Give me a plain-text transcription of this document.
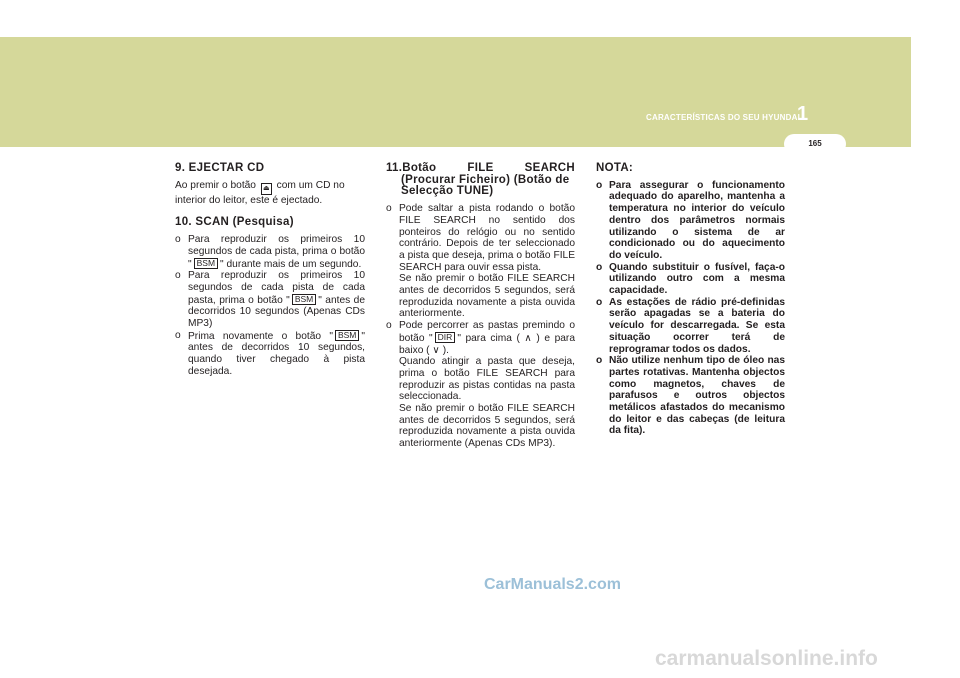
CARACTERÍSTICAS DO SEU HYUNDAI
1
165
9. EJECTAR CD

Ao premir o botão ⏏ com um CD no interior do leitor, este é ejectado.

10. SCAN (Pesquisa)
o Para reproduzir os primeiros 10 segundos de cada pista, prima o botão " BSM " durante mais de um segundo.
o Para reproduzir os primeiros 10 segundos de cada pista de cada pasta, prima o botão " BSM " antes de decorridos 10 segundos (Apenas CDs MP3)
o Prima novamente o botão " BSM " antes de decorridos 10 segundos, quando tiver chegado à pista desejada.
11.Botão	FILE	SEARCH
(Procurar Ficheiro) (Botão de
Selecção TUNE)
o Pode saltar a pista rodando o botão FILE SEARCH no sentido dos ponteiros do relógio ou no sentido contrário. Depois de ter seleccionado a pista que deseja, prima o botão FILE SEARCH para ouvir essa pista.
Se não premir o botão FILE SEARCH antes de decorridos 5 segundos, será reproduzida novamente a pista ouvida anteriormente.
o Pode percorrer as pastas premindo o botão " DIR " para cima ( ∧ ) e para baixo ( ∨ ).
Quando atingir a pasta que deseja, prima o botão FILE SEARCH para reproduzir as pistas contidas na pasta seleccionada.
Se não premir o botão FILE SEARCH antes de decorridos 5 segundos, será reproduzida novamente a pista ouvida anteriormente (Apenas CDs MP3).
NOTA:
o Para assegurar o funcionamento adequado do aparelho, mantenha a temperatura no interior do veículo dentro dos parâmetros normais utilizando o sistema de ar condicionado ou do aquecimento do veículo.
o Quando substituir o fusível, faça-o utilizando outro com a mesma capacidade.
o As estações de rádio pré-definidas serão apagadas se a bateria do veículo for descarregada. Se esta situação ocorrer terá de reprogramar todos os dados.
o Não utilize nenhum tipo de óleo nas partes rotativas. Mantenha objectos como magnetos, chaves de parafusos e outros objectos metálicos afastados do mecanismo do leitor e das cabeças (de leitura da fita).
CarManuals2.com
carmanualsonline.info
